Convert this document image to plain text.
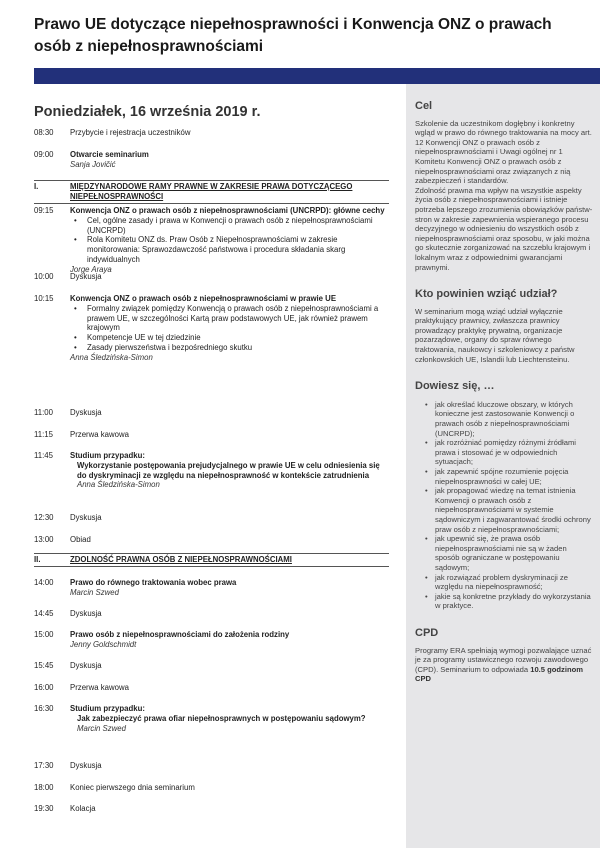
Prawo UE dotyczące niepełnosprawności i Konwencja ONZ o prawach osób z niepełnosprawnościami
Cel

Szkolenie da uczestnikom dogłębny i konkretny wgląd w prawo do równego traktowania na mocy art. 12 Konwencji ONZ o prawach osób z niepełnosprawnościami i Uwagi ogólnej nr 1 Komitetu Konwencji ONZ o prawach osób z niepełnosprawnościami oraz związanych z nią zabezpieczeń i standardów.

Zdolność prawna ma wpływ na wszystkie aspekty życia osób z niepełnosprawnościami i istnieje potrzeba lepszego zrozumienia obowiązków państw-stron w zakresie zapewnienia wspieranego procesu decyzyjnego w odniesieniu do wszystkich osób z niepełnosprawnościami oraz sposobu, w jaki można go skutecznie zorganizować na szczeblu krajowym i lokalnym wraz z odpowiednimi gwarancjami prawnymi.

Kto powinien wziąć udział?

W seminarium mogą wziąć udział wyłącznie praktykujący prawnicy, zwłaszcza prawnicy prowadzący praktykę prywatną, organizacje pozarządowe, organy do spraw równego traktowania, naukowcy i szkoleniowcy z państw członkowskich UE, Islandii lub Liechtensteinu.

Dowiesz się, …
• jak określać kluczowe obszary, w których konieczne jest zastosowanie Konwencji o prawach osób z niepełnosprawnościami (UNCRPD);
• jak rozróżniać pomiędzy różnymi źródłami prawa i stosować je w odpowiednich sytuacjach;
• jak zapewnić spójne rozumienie pojęcia niepełnosprawności w całej UE;
• jak propagować wiedzę na temat istnienia Konwencji o prawach osób z niepełnosprawnościami w systemie sądowniczym i zagwarantować środki ochrony praw osób z niepełnosprawnościami;
• jak upewnić się, że prawa osób niepełnosprawnościami nie są w żaden sposób ograniczane w postępowaniu sądowym;
• jak rozwiązać problem dyskryminacji ze względu na niepełnosprawność;
• jakie są konkretne przykłady do wykorzystania w praktyce.
CPD

Programy ERA spełniają wymogi pozwalające uznać je za programy ustawicznego rozwoju zawodowego (CPD). Seminarium to odpowiada 10.5 godzinom CPD

Poniedziałek, 16 września 2019 r.
08:30	Przybycie i rejestracja uczestników
09:00	Otwarcie seminarium
Sanja Jovičić
I.	MIĘDZYNARODOWE RAMY PRAWNE W ZAKRESIE PRAWA DOTYCZĄCEGO NIEPEŁNOSPRAWNOŚCI
09:15	Konwencja ONZ o prawach osób z niepełnosprawnościami (UNCRPD): główne cechy
• Cel, ogólne zasady i prawa w Konwencji o prawach osób z niepełnosprawnościami (UNCRPD)
• Rola Komitetu ONZ ds. Praw Osób z Niepełnosprawnościami w zakresie monitorowania: Sprawozdawczość państwowa i procedura składania skarg indywidualnych
Jorge Araya
10:00	Dyskusja
10:15	Konwencja ONZ o prawach osób z niepełnosprawnościami w prawie UE
• Formalny związek pomiędzy Konwencją o prawach osób z niepełnosprawnościami a prawem UE, w szczególności Kartą praw podstawowych UE, jak również prawem krajowym
• Kompetencje UE w tej dziedzinie
• Zasady pierwszeństwa i bezpośredniego skutku
Anna Śledzińska-Simon
11:00	Dyskusja
11:15	Przerwa kawowa
11:45	Studium przypadku:
Wykorzystanie postępowania prejudycjalnego w prawie UE w celu odniesienia się do dyskryminacji ze względu na niepełnosprawność w kontekście zatrudnienia
Anna Śledzińska-Simon
12:30	Dyskusja
13:00	Obiad
II.	ZDOLNOŚĆ PRAWNA OSÓB Z NIEPEŁNOSPRAWNOŚCIAMI
14:00	Prawo do równego traktowania wobec prawa
Marcin Szwed
14:45	Dyskusja
15:00	Prawo osób z niepełnosprawnościami do założenia rodziny
Jenny Goldschmidt
15:45	Dyskusja
16:00	Przerwa kawowa
16:30	Studium przypadku:
Jak zabezpieczyć prawa ofiar niepełnosprawnych w postępowaniu sądowym?
Marcin Szwed
17:30	Dyskusja
18:00	Koniec pierwszego dnia seminarium
19:30	Kolacja
